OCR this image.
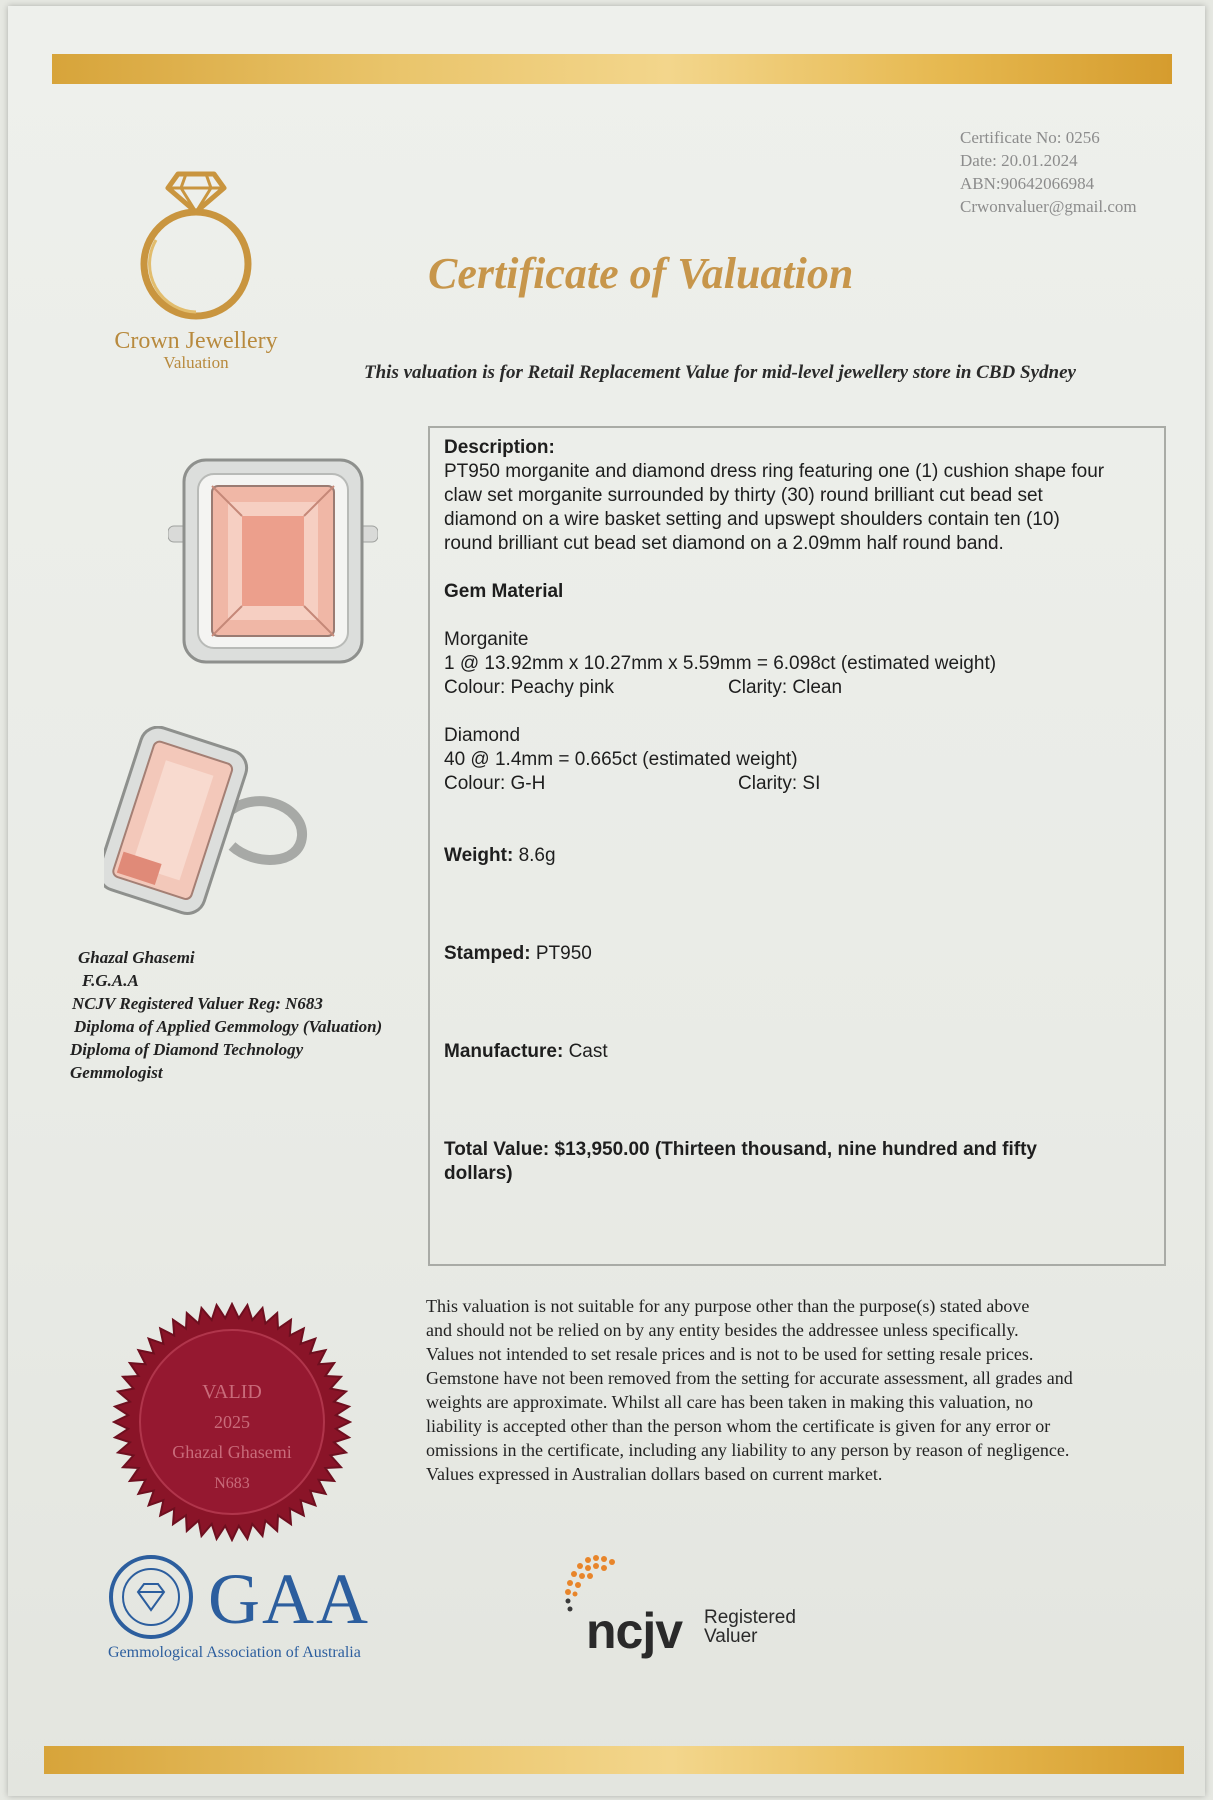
Certificate No: 0256
Date: 20.01.2024
ABN:90642066984
Crwonvaluer@gmail.com
Crown Jewellery
Valuation
Certificate of Valuation
This valuation is for Retail Replacement Value for mid-level jewellery store in CBD Sydney
Ghazal Ghasemi
F.G.A.A
NCJV Registered Valuer Reg: N683
Diploma of Applied Gemmology (Valuation)
Diploma of Diamond Technology
Gemmologist

Description:

PT950 morganite and diamond dress ring featuring one (1) cushion shape four

claw set morganite surrounded by thirty (30) round brilliant cut bead set

diamond on a wire basket setting and upswept shoulders contain ten (10)

round brilliant cut bead set diamond on a 2.09mm half round band.

Gem Material

Morganite

1 @ 13.92mm x 10.27mm x 5.59mm = 6.098ct (estimated weight)

Colour: Peachy pink	Clarity: Clean

Diamond

40 @ 1.4mm = 0.665ct (estimated weight)

Colour: G-H	Clarity: SI

Weight: 8.6g

Stamped: PT950

Manufacture: Cast

Total Value: $13,950.00 (Thirteen thousand, nine hundred and fifty

dollars)

VALID
2025
Ghazal Ghasemi
N683
This valuation is not suitable for any purpose other than the purpose(s) stated above
and should not be relied on by any entity besides the addressee unless specifically.
Values not intended to set resale prices and is not to be used for setting resale prices.
Gemstone have not been removed from the setting for accurate assessment, all grades and
weights are approximate. Whilst all care has been taken in making this valuation, no
liability is accepted other than the person whom the certificate is given for any error or
omissions in the certificate, including any liability to any person by reason of negligence.
Values expressed in Australian dollars based on current market.
GAA
Gemmological Association of Australia	ncjv Registered
Valuer
